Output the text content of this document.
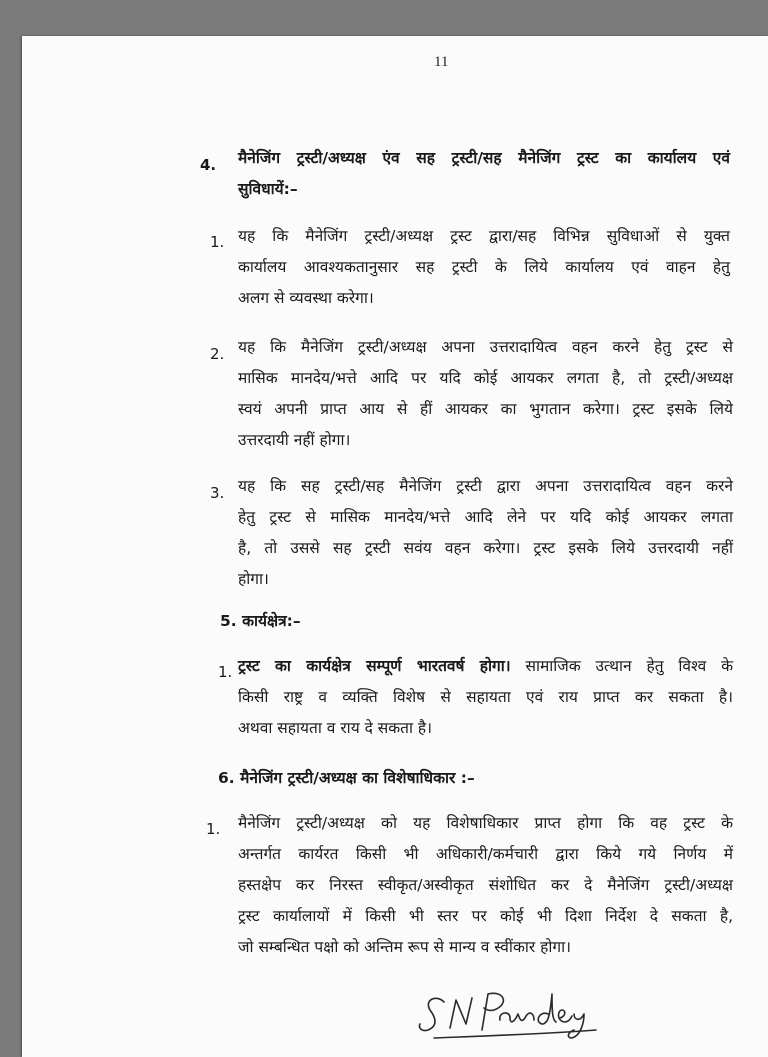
11
4. मैनेजिंग ट्रस्टी/अध्यक्ष एंव सह ट्रस्टी/सह मैनेजिंग ट्रस्ट का कार्यालय एवं
सुविधायें:–
1. यह कि मैनेजिंग ट्रस्टी/अध्यक्ष ट्रस्ट द्वारा/सह विभिन्न सुविधाओं से युक्त
कार्यालय आवश्यकतानुसार सह ट्रस्टी के लिये कार्यालय एवं वाहन हेतु
अलग से व्यवस्था करेगा।
2. यह कि मैनेजिंग ट्रस्टी/अध्यक्ष अपना उत्तरादायित्व वहन करने हेतु ट्रस्ट से
मासिक मानदेय/भत्ते आदि पर यदि कोई आयकर लगता है, तो ट्रस्टी/अध्यक्ष
स्वयं अपनी प्राप्त आय से हीं आयकर का भुगतान करेगा। ट्रस्ट इसके लिये
उत्तरदायी नहीं होगा।
3. यह कि सह ट्रस्टी/सह मैनेजिंग ट्रस्टी द्वारा अपना उत्तरादायित्व वहन करने
हेतु ट्रस्ट से मासिक मानदेय/भत्ते आदि लेने पर यदि कोई आयकर लगता
है, तो उससे सह ट्रस्टी सवंय वहन करेगा। ट्रस्ट इसके लिये उत्तरदायी नहीं
होगा।
5. कार्यक्षेत्र:–
1. ट्रस्ट का कार्यक्षेत्र सम्पूर्ण भारतवर्ष होगा। सामाजिक उत्थान हेतु विश्व के
किसी राष्ट्र व व्यक्ति विशेष से सहायता एवं राय प्राप्त कर सकता है।
अथवा सहायता व राय दे सकता है।
6. मैनेजिंग ट्रस्टी/अध्यक्ष का विशेषाधिकार :–
1. मैनेजिंग ट्रस्टी/अध्यक्ष को यह विशेषाधिकार प्राप्त होगा कि वह ट्रस्ट के
अन्तर्गत कार्यरत किसी भी अधिकारी/कर्मचारी द्वारा किये गये निर्णय में
हस्तक्षेप कर निरस्त स्वीकृत/अस्वीकृत संशोधित कर दे मैनेजिंग ट्रस्टी/अध्यक्ष
ट्रस्ट कार्यालायों में किसी भी स्तर पर कोई भी दिशा निर्देश दे सकता है,
जो सम्बन्धित पक्षो को अन्तिम रूप से मान्य व स्वींकार होगा।
